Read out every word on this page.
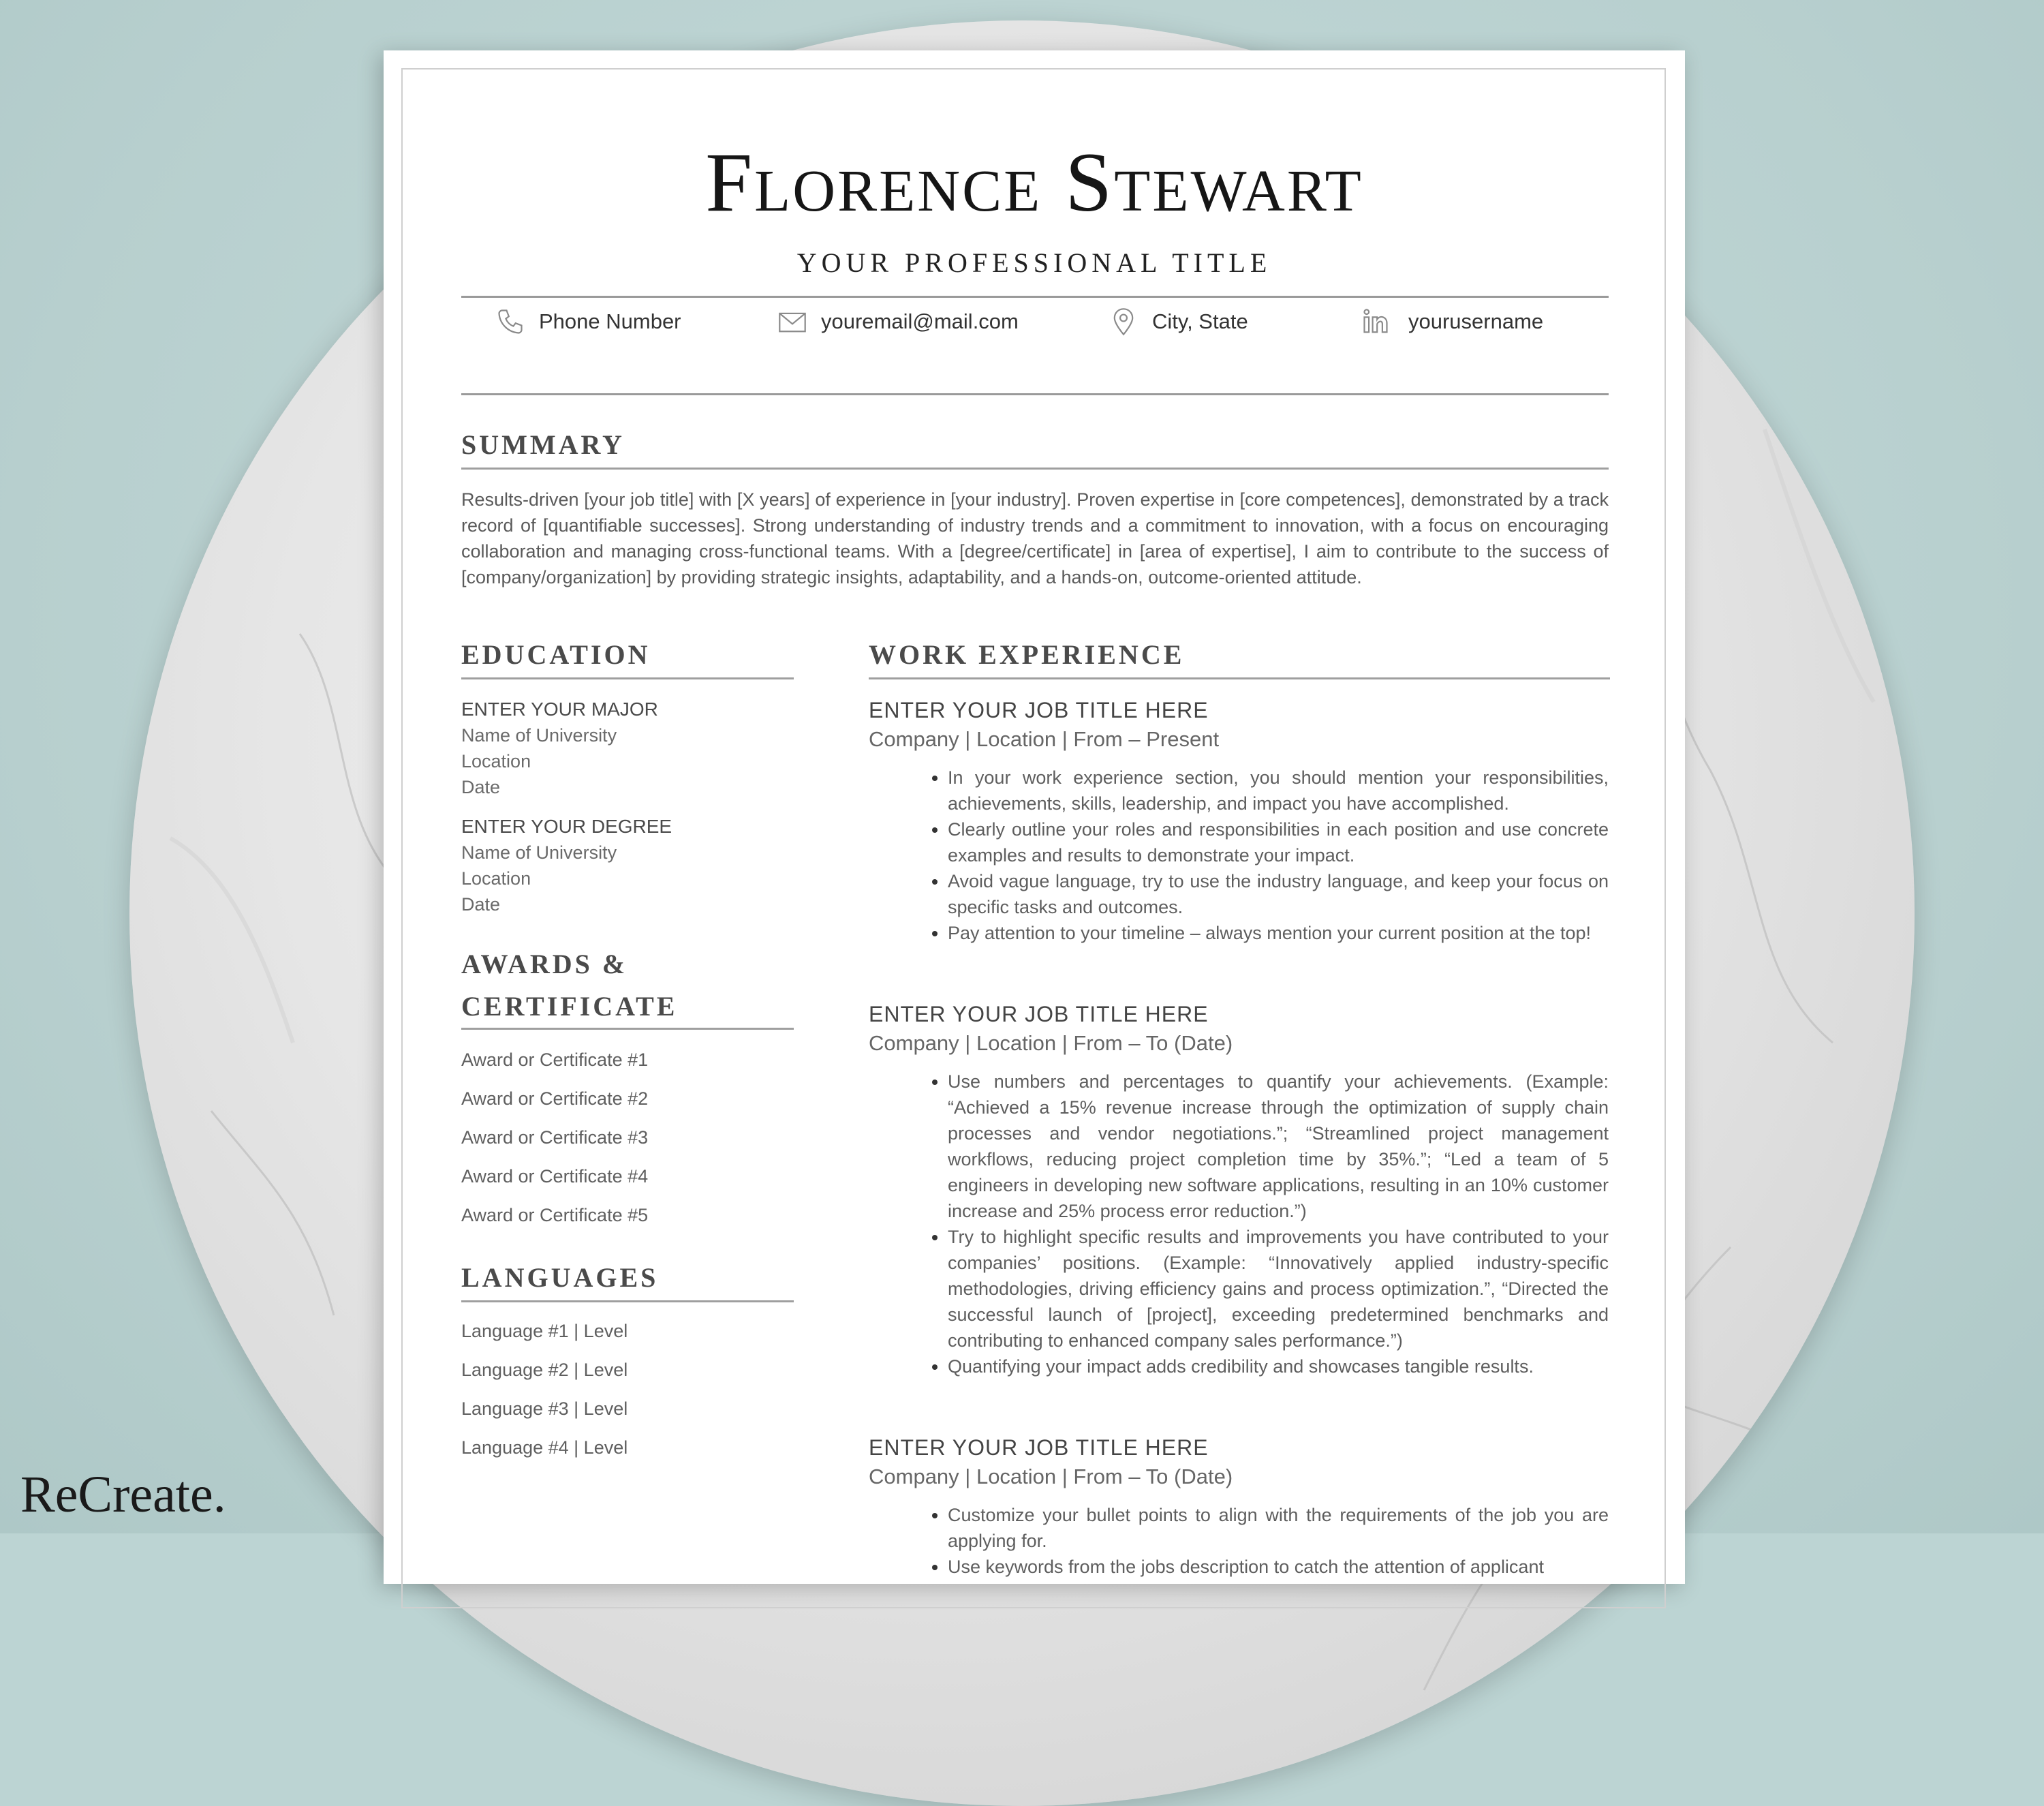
Florence Stewart
YOUR PROFESSIONAL TITLE
Phone Number	youremail@mail.com	City, State	yourusername
SUMMARY
Results-driven [your job title] with [X years] of experience in [your industry]. Proven expertise in [core competences], demonstrated by a track record of [quantifiable successes]. Strong understanding of industry trends and a commitment to innovation, with a focus on encouraging collaboration and managing cross-functional teams. With a [degree/certificate] in [area of expertise], I aim to contribute to the success of [company/organization] by providing strategic insights, adaptability, and a hands-on, outcome-oriented attitude.
EDUCATION
ENTER YOUR MAJOR
Name of University
Location
Date
ENTER YOUR DEGREE
Name of University
Location
Date
AWARDS &
CERTIFICATE
Award or Certificate #1
Award or Certificate #2
Award or Certificate #3
Award or Certificate #4
Award or Certificate #5
LANGUAGES
Language #1 | Level
Language #2 | Level
Language #3 | Level
Language #4 | Level
WORK EXPERIENCE
ENTER YOUR JOB TITLE HERE
Company | Location | From – Present
• In your work experience section, you should mention your responsibilities, achievements, skills, leadership, and impact you have accomplished.
• Clearly outline your roles and responsibilities in each position and use concrete examples and results to demonstrate your impact.
• Avoid vague language, try to use the industry language, and keep your focus on specific tasks and outcomes.
• Pay attention to your timeline – always mention your current position at the top!
ENTER YOUR JOB TITLE HERE
Company | Location | From – To (Date)
• Use numbers and percentages to quantify your achievements. (Example: “Achieved a 15% revenue increase through the optimization of supply chain processes and vendor negotiations.”; “Streamlined project management workflows, reducing project completion time by 35%.”; “Led a team of 5 engineers in developing new software applications, resulting in an 10% customer increase and 25% process error reduction.”)
• Try to highlight specific results and improvements you have contributed to your companies’ positions. (Example: “Innovatively applied industry-specific methodologies, driving efficiency gains and process optimization.”, “Directed the successful launch of [project], exceeding predetermined benchmarks and contributing to enhanced company sales performance.”)
• Quantifying your impact adds credibility and showcases tangible results.
ENTER YOUR JOB TITLE HERE
Company | Location | From – To (Date)
• Customize your bullet points to align with the requirements of the job you are applying for.
• Use keywords from the jobs description to catch the attention of applicant
ReCreate.
